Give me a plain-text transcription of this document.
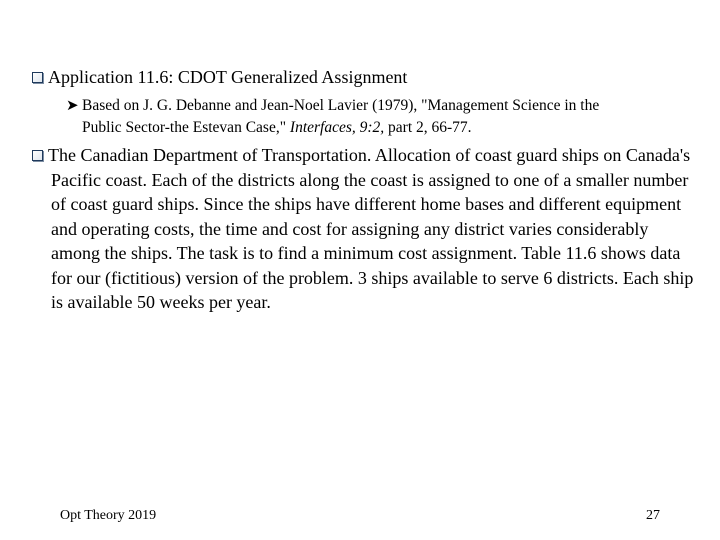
Application 11.6: CDOT Generalized Assignment
➤ Based on J. G. Debanne and Jean-Noel Lavier (1979), "Management Science in the
Public Sector-the Estevan Case," Interfaces, 9:2, part 2, 66-77.
The Canadian Department of Transportation. Allocation of coast guard ships on Canada's Pacific coast. Each of the districts along the coast is assigned to one of a smaller number of coast guard ships. Since the ships have different home bases and different equipment and operating costs, the time and cost for assigning any district varies considerably among the ships. The task is to find a minimum cost assignment. Table 11.6 shows data for our (fictitious) version of the problem. 3 ships available to serve 6 districts. Each ship is available 50 weeks per year.
Opt Theory 2019	27
